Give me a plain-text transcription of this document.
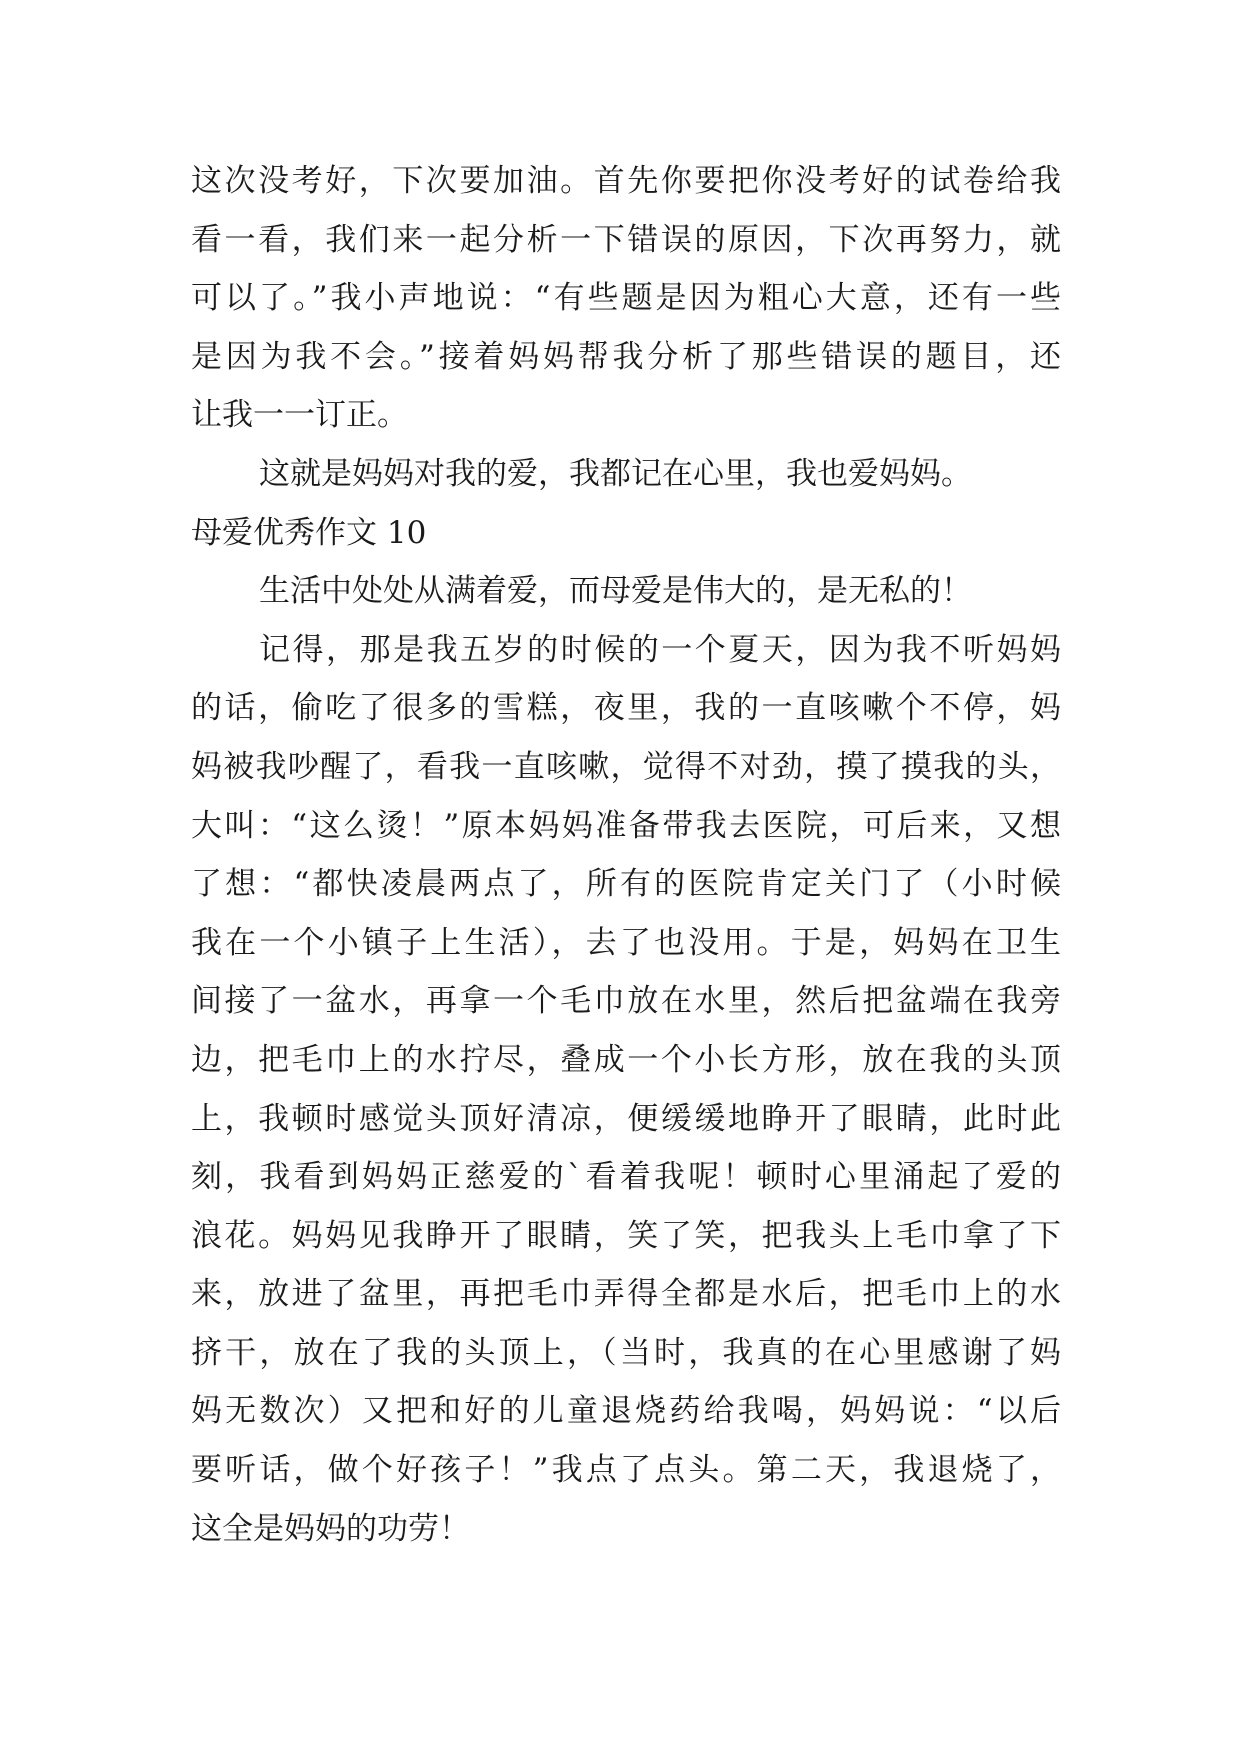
这次没考好，下次要加油。首先你要把你没考好的试卷给我
看一看，我们来一起分析一下错误的原因，下次再努力，就
可以了。”我小声地说：“有些题是因为粗心大意，还有一些
是因为我不会。”接着妈妈帮我分析了那些错误的题目，还
让我一一订正。
这就是妈妈对我的爱，我都记在心里，我也爱妈妈。
母爱优秀作文 10
生活中处处从满着爱，而母爱是伟大的，是无私的！
记得，那是我五岁的时候的一个夏天，因为我不听妈妈
的话，偷吃了很多的雪糕，夜里，我的一直咳嗽个不停，妈
妈被我吵醒了，看我一直咳嗽，觉得不对劲，摸了摸我的头，
大叫：“这么烫！”原本妈妈准备带我去医院，可后来，又想
了想：“都快凌晨两点了，所有的医院肯定关门了（小时候
我在一个小镇子上生活），去了也没用。于是，妈妈在卫生
间接了一盆水，再拿一个毛巾放在水里，然后把盆端在我旁
边，把毛巾上的水拧尽，叠成一个小长方形，放在我的头顶
上，我顿时感觉头顶好清凉，便缓缓地睁开了眼睛，此时此
刻，我看到妈妈正慈爱的`看着我呢！顿时心里涌起了爱的
浪花。妈妈见我睁开了眼睛，笑了笑，把我头上毛巾拿了下
来，放进了盆里，再把毛巾弄得全都是水后，把毛巾上的水
挤干，放在了我的头顶上，（当时，我真的在心里感谢了妈
妈无数次）又把和好的儿童退烧药给我喝，妈妈说：“以后
要听话，做个好孩子！”我点了点头。第二天，我退烧了，
这全是妈妈的功劳！
